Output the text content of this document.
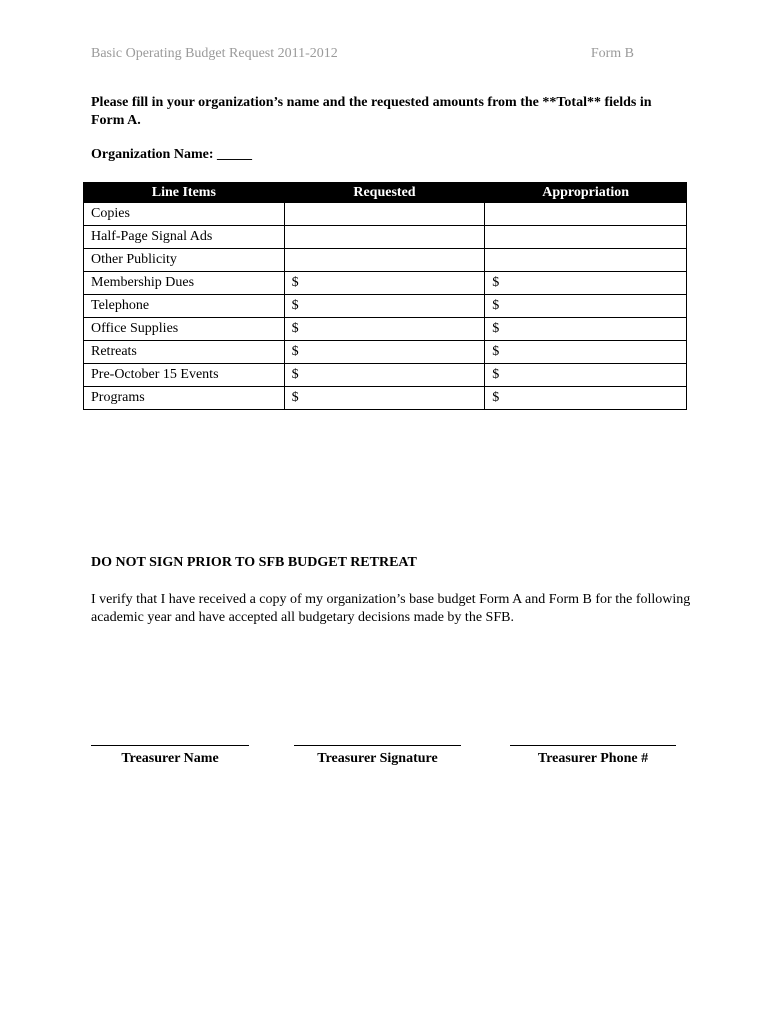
Basic Operating Budget Request 2011-2012	Form B
Please fill in your organization’s name and the requested amounts from the **Total** fields in Form A.
Organization Name: _____
Line Items	Requested	Appropriation
Copies		
Half-Page Signal Ads		
Other Publicity		
Membership Dues	$	$
Telephone	$	$
Office Supplies	$	$
Retreats	$	$
Pre-October 15 Events	$	$
Programs	$	$
DO NOT SIGN PRIOR TO SFB BUDGET RETREAT
I verify that I have received a copy of my organization’s base budget Form A and Form B for the following academic year and have accepted all budgetary decisions made by the SFB.
Treasurer Name	Treasurer Signature	Treasurer Phone #
